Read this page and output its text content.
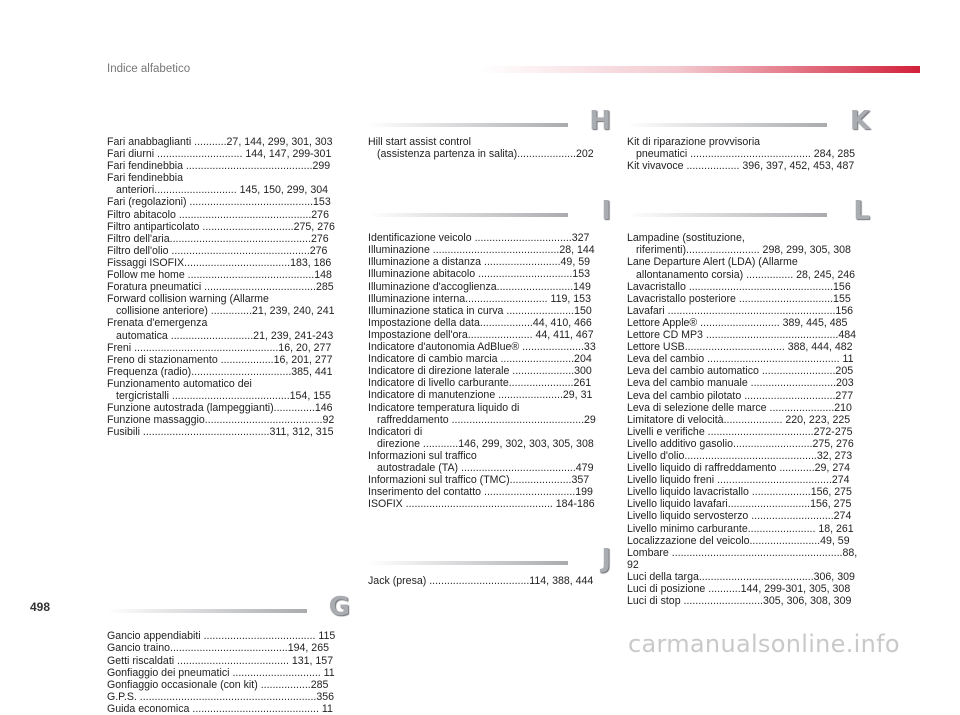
Indice alfabetico
Fari anabbaglianti ...........27, 144, 299, 301, 303
Fari diurni ............................. 144, 147, 299-301
Fari fendinebbia ...........................................299
Fari fendinebbia
anteriori............................ 145, 150, 299, 304
Fari (regolazioni) ..........................................153
Filtro abitacolo .............................................276
Filtro antiparticolato ...............................275, 276
Filtro dell'aria................................................276
Filtro dell'olio ...............................................276
Fissaggi ISOFIX....................................183, 186
Follow me home ...........................................148
Foratura pneumatici ......................................285
Forward collision warning (Allarme
collisione anteriore) ..............21, 239, 240, 241
Frenata d'emergenza
automatica ............................21, 239, 241-243
Freni .................................................16, 20, 277
Freno di stazionamento ..................16, 201, 277
Frequenza (radio)..................................385, 441
Funzionamento automatico dei
tergicristalli ........................................154, 155
Funzione autostrada (lampeggianti)..............146
Funzione massaggio........................................92
Fusibili ...........................................311, 312, 315
G
Gancio appendiabiti ...................................... 115
Gancio traino........................................194, 265
Getti riscaldati ...................................... 131, 157
Gonfiaggio dei pneumatici .............................. 11
Gonfiaggio occasionale (con kit) .................285
G.P.S. ............................................................356
Guida economica ........................................... 11
H
Hill start assist control
(assistenza partenza in salita)....................202
I
Identificazione veicolo .................................327
Illuminazione ...........................................28, 144
Illuminazione a distanza ..........................49, 59
Illuminazione abitacolo ................................153
Illuminazione d'accoglienza..........................149
Illuminazione interna............................ 119, 153
Illuminazione statica in curva .......................150
Impostazione della data..................44, 410, 466
Impostazione dell'ora...................... 44, 411, 467
Indicatore d'autonomia AdBlue® .....................33
Indicatore di cambio marcia .........................204
Indicatore di direzione laterale .....................300
Indicatore di livello carburante......................261
Indicatore di manutenzione ......................29, 31
Indicatore temperatura liquido di
raffreddamento .............................................29
Indicatori di
direzione ............146, 299, 302, 303, 305, 308
Informazioni sul traffico
autostradale (TA) .......................................479
Informazioni sul traffico (TMC).....................357
Inserimento del contatto ...............................199
ISOFIX .................................................. 184-186
J
Jack (presa) ..................................114, 388, 444
K
Kit di riparazione provvisoria
pneumatici ......................................... 284, 285
Kit vivavoce .................. 396, 397, 452, 453, 487
L
Lampadine (sostituzione,
riferimenti)......................... 298, 299, 305, 308
Lane Departure Alert (LDA) (Allarme
allontanamento corsia) ................ 28, 245, 246
Lavacristallo .................................................156
Lavacristallo posteriore ................................155
Lavafari .........................................................156
Lettore Apple® ........................... 389, 445, 485
Lettore CD MP3 .............................................484
Lettore USB.................................. 388, 444, 482
Leva del cambio ............................................. 11
Leva del cambio automatico .........................205
Leva del cambio manuale .............................203
Leva del cambio pilotato ...............................277
Leva di selezione delle marce ......................210
Limitatore di velocità.................... 220, 223, 225
Livelli e verifiche ....................................272-275
Livello additivo gasolio...........................275, 276
Livello d'olio.............................................32, 273
Livello liquido di raffreddamento ............29, 274
Livello liquido freni .......................................274
Livello liquido lavacristallo ....................156, 275
Livello liquido lavafari............................156, 275
Livello liquido servosterzo ............................274
Livello minimo carburante....................... 18, 261
Localizzazione del veicolo........................49, 59
Lombare ..........................................................88, 92
Luci della targa.......................................306, 309
Luci di posizione ...........144, 299-301, 305, 308
Luci di stop ...........................305, 306, 308, 309
498
carmanualsonline.info
